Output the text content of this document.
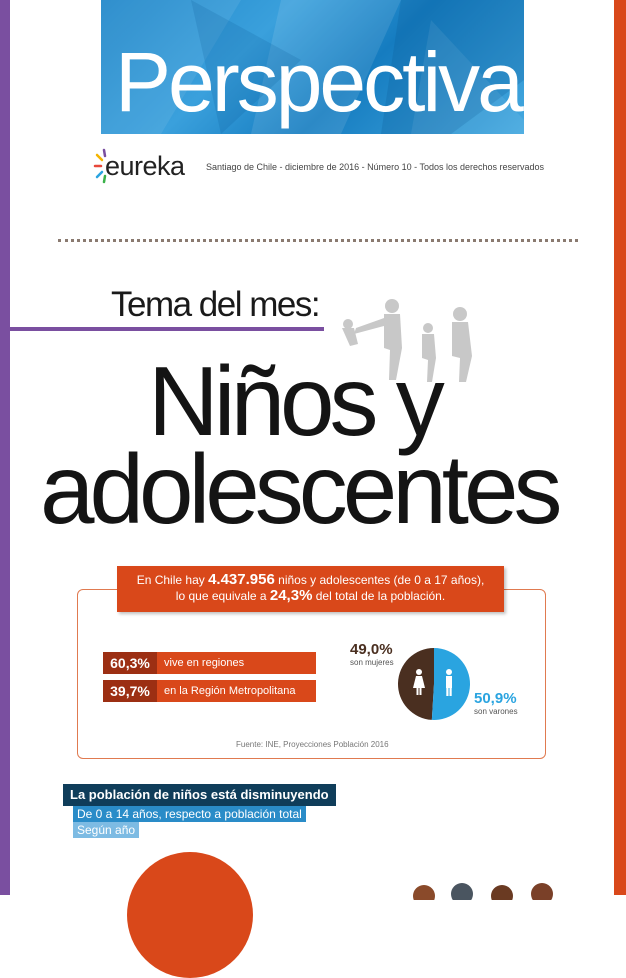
Perspectiva
eureka Santiago de Chile - diciembre de 2016 - Número 10 - Todos los derechos reservados
Tema del mes:
Niños y
adolescentes
En Chile hay 4.437.956 niños y adolescentes (de 0 a 17 años),
lo que equivale a 24,3% del total de la población.
60,3%	vive en regiones
39,7%	en la Región Metropolitana
49,0%
son mujeres
50,9%
son varones
Fuente: INE, Proyecciones Población 2016
La población de niños está disminuyendo
De 0 a 14 años, respecto a población total
Según año
